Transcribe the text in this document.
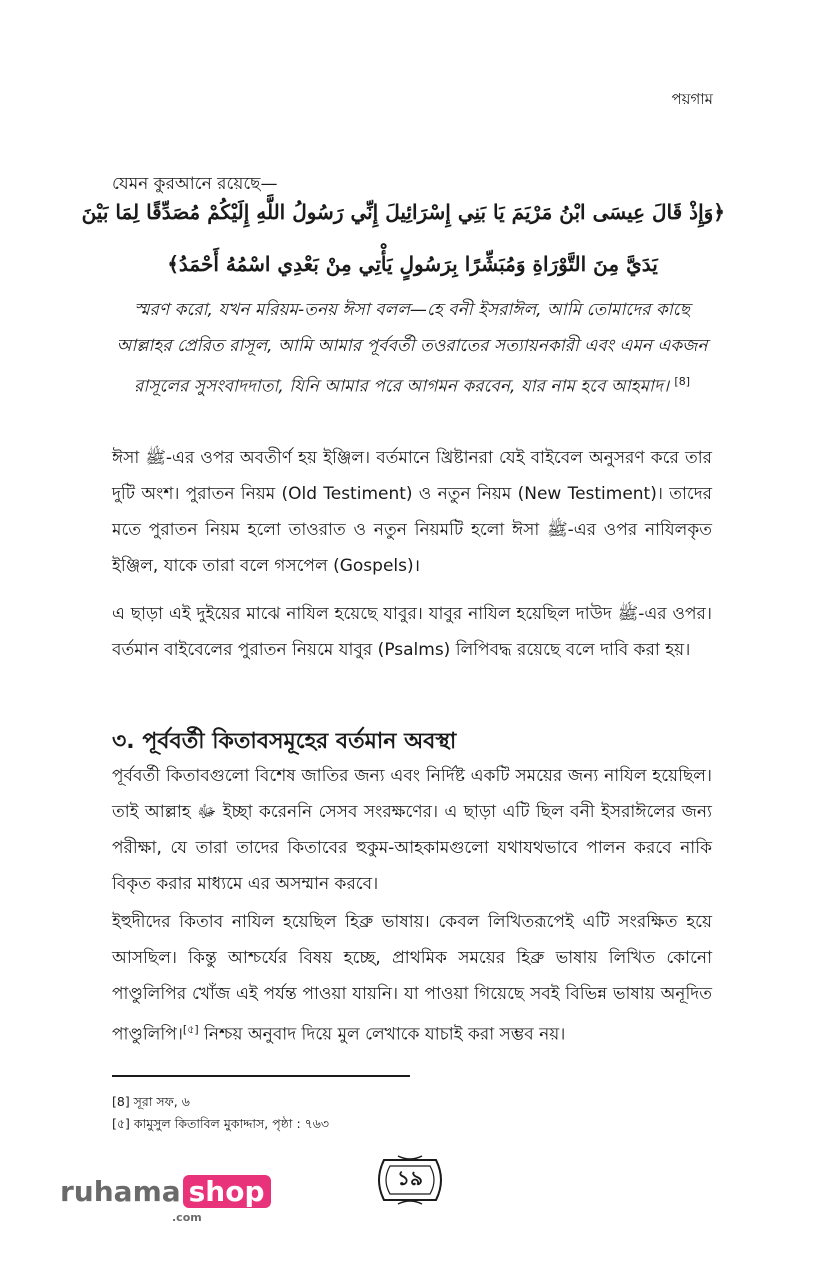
পয়গাম
যেমন কুরআনে রয়েছে—
﴿وَإِذْ قَالَ عِيسَى ابْنُ مَرْيَمَ يَا بَنِي إِسْرَائِيلَ إِنِّي رَسُولُ اللَّهِ إِلَيْكُمْ مُصَدِّقًا لِمَا بَيْنَ
يَدَيَّ مِنَ التَّوْرَاةِ وَمُبَشِّرًا بِرَسُولٍ يَأْتِي مِنْ بَعْدِي اسْمُهُ أَحْمَدُ﴾
স্মরণ করো, যখন মরিয়ম-তনয় ঈসা বলল—হে বনী ইসরাঈল, আমি তোমাদের কাছে আল্লাহর প্রেরিত রাসূল, আমি আমার পূর্ববর্তী তওরাতের সত্যায়নকারী এবং এমন একজন রাসূলের সুসংবাদদাতা, যিনি আমার পরে আগমন করবেন, যার নাম হবে আহমাদ। [8]
ঈসা ﷺ-এর ওপর অবতীর্ণ হয় ইঞ্জিল। বর্তমানে খ্রিষ্টানরা যেই বাইবেল অনুসরণ করে তার দুটি অংশ। পুরাতন নিয়ম (Old Testiment) ও নতুন নিয়ম (New Testiment)। তাদের মতে পুরাতন নিয়ম হলো তাওরাত ও নতুন নিয়মটি হলো ঈসা ﷺ-এর ওপর নাযিলকৃত ইঞ্জিল, যাকে তারা বলে গসপেল (Gospels)।
এ ছাড়া এই দুইয়ের মাঝে নাযিল হয়েছে যাবুর। যাবুর নাযিল হয়েছিল দাউদ ﷺ-এর ওপর। বর্তমান বাইবেলের পুরাতন নিয়মে যাবুর (Psalms) লিপিবদ্ধ রয়েছে বলে দাবি করা হয়।
৩. পূর্ববর্তী কিতাবসমূহের বর্তমান অবস্থা
পূর্ববর্তী কিতাবগুলো বিশেষ জাতির জন্য এবং নির্দিষ্ট একটি সময়ের জন্য নাযিল হয়েছিল। তাই আল্লাহ ﷻ ইচ্ছা করেননি সেসব সংরক্ষণের। এ ছাড়া এটি ছিল বনী ইসরাঈলের জন্য পরীক্ষা, যে তারা তাদের কিতাবের হুকুম-আহকামগুলো যথাযথভাবে পালন করবে নাকি বিকৃত করার মাধ্যমে এর অসম্মান করবে।
ইহুদীদের কিতাব নাযিল হয়েছিল হিব্রু ভাষায়। কেবল লিখিতরূপেই এটি সংরক্ষিত হয়ে আসছিল। কিন্তু আশ্চর্যের বিষয় হচ্ছে, প্রাথমিক সময়ের হিব্রু ভাষায় লিখিত কোনো পাণ্ডুলিপির খোঁজ এই পর্যন্ত পাওয়া যায়নি। যা পাওয়া গিয়েছে সবই বিভিন্ন ভাষায় অনূদিত পাণ্ডুলিপি।[৫] নিশ্চয় অনুবাদ দিয়ে মুল লেখাকে যাচাই করা সম্ভব নয়।
[8] সূরা সফ, ৬
[৫] কামুসুল কিতাবিল মুকাদ্দাস, পৃষ্ঠা : ৭৬৩
১৯
ruhama shop
.com
